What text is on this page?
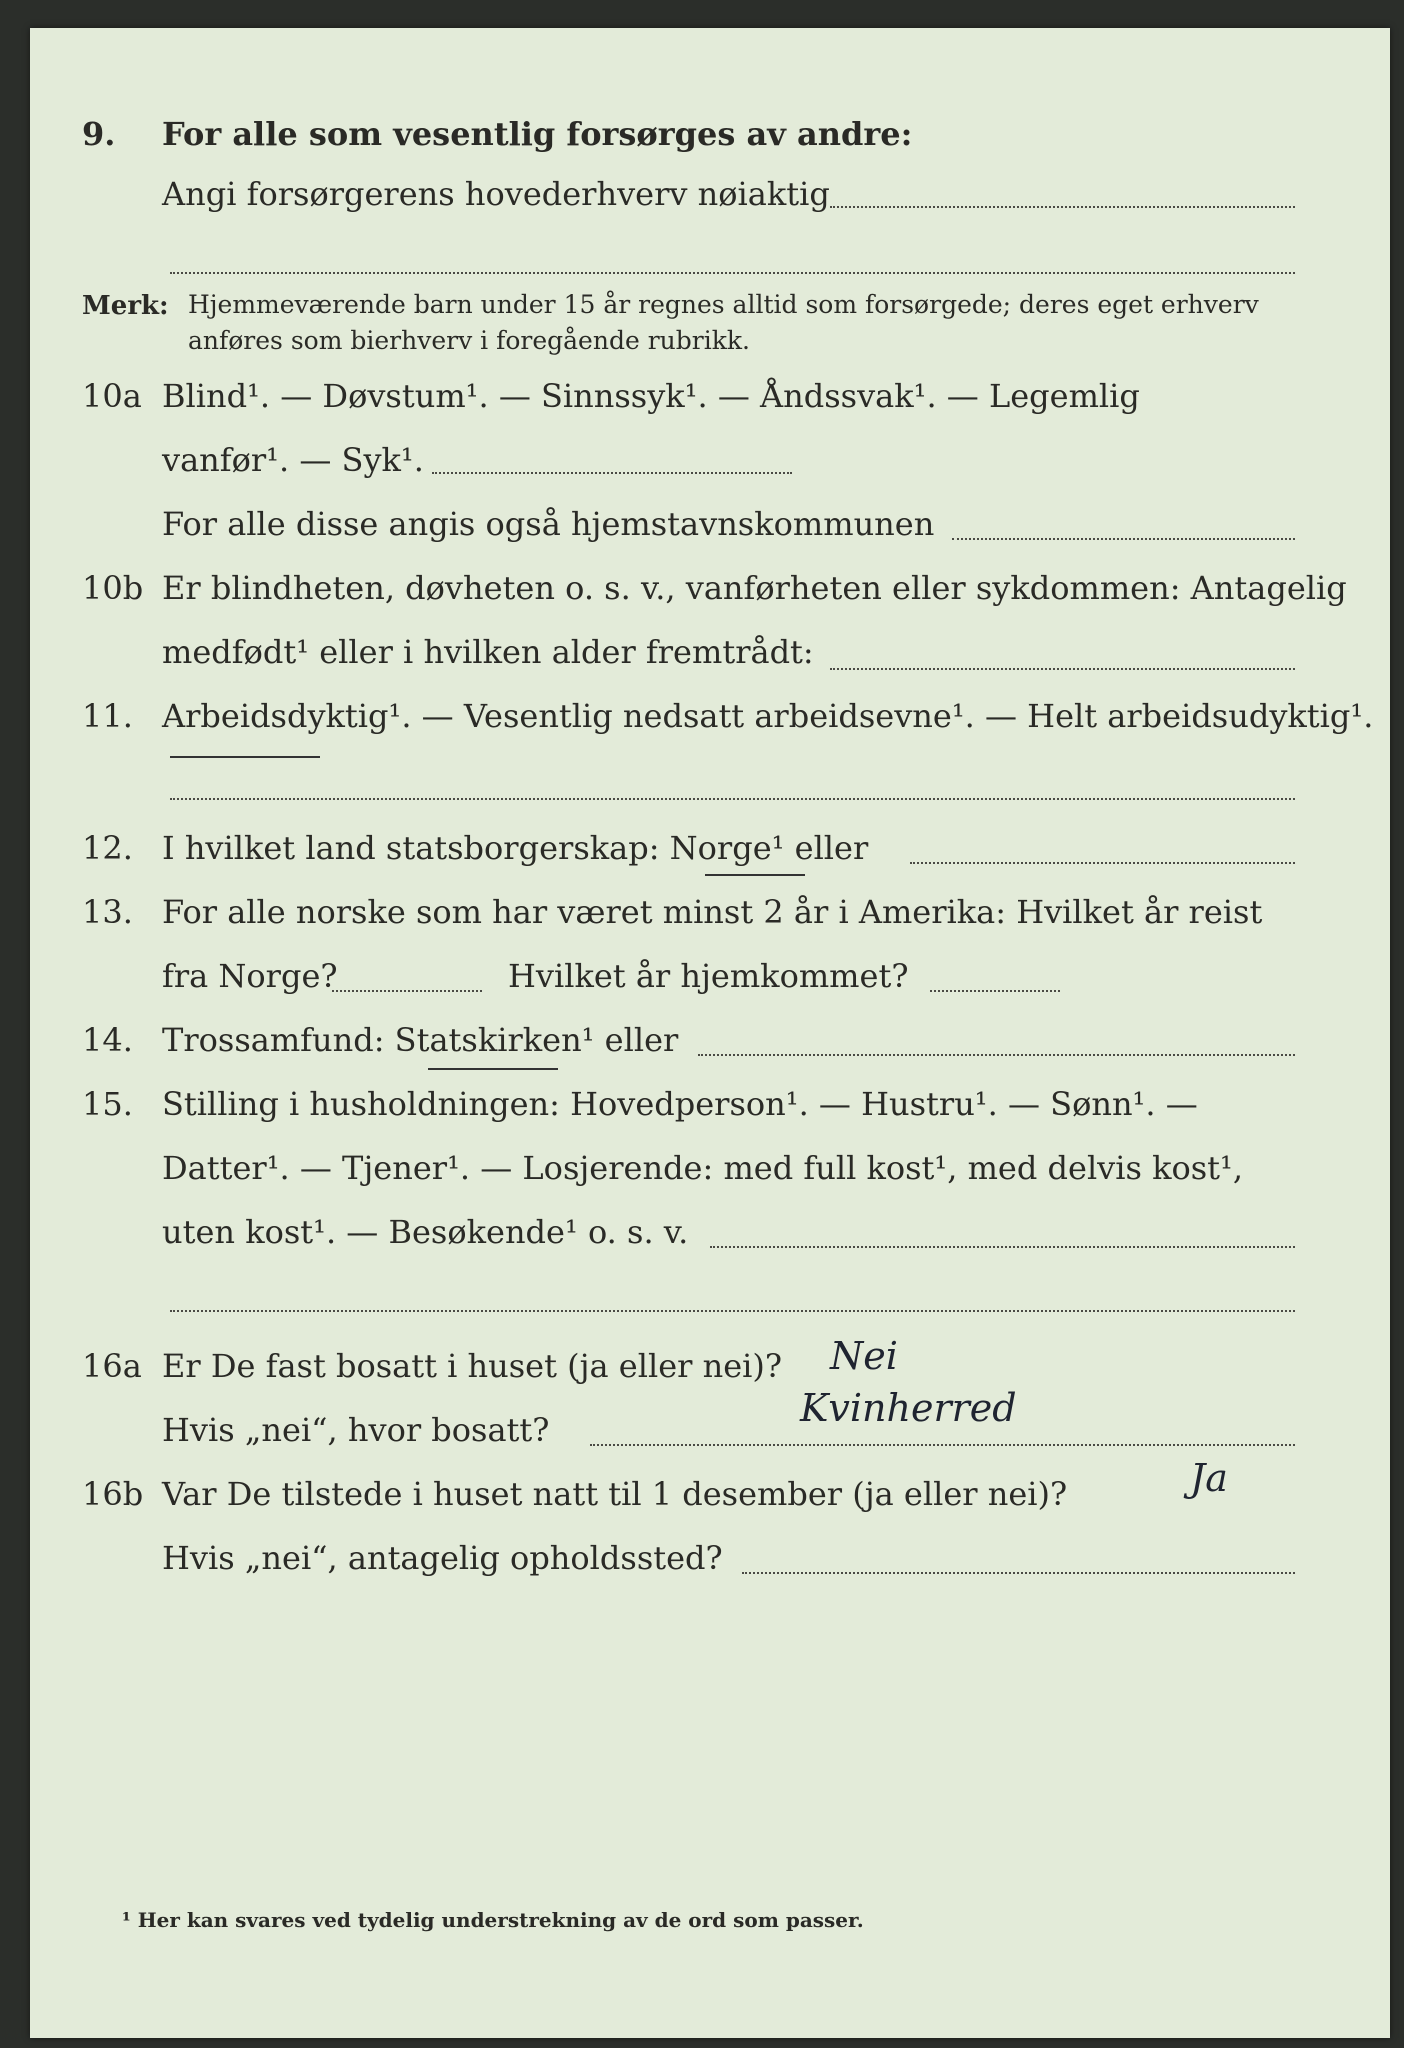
9. For alle som vesentlig forsørges av andre:
Angi forsørgerens hovederhverv nøiaktig
Merk: Hjemmeværende barn under 15 år regnes alltid som forsørgede; deres eget erhverv
anføres som bierhverv i foregående rubrikk.
10a Blind¹. — Døvstum¹. — Sinnssyk¹. — Åndssvak¹. — Legemlig
vanfør¹. — Syk¹.
For alle disse angis også hjemstavnskommunen
10b Er blindheten, døvheten o. s. v., vanførheten eller sykdommen: Antagelig
medfødt¹ eller i hvilken alder fremtrådt:
11. Arbeidsdyktig¹. — Vesentlig nedsatt arbeidsevne¹. — Helt arbeidsudyktig¹.
12. I hvilket land statsborgerskap: Norge¹ eller
13. For alle norske som har været minst 2 år i Amerika: Hvilket år reist
fra Norge?	Hvilket år hjemkommet?
14. Trossamfund: Statskirken¹ eller
15. Stilling i husholdningen: Hovedperson¹. — Hustru¹. — Sønn¹. —
Datter¹. — Tjener¹. — Losjerende: med full kost¹, med delvis kost¹,
uten kost¹. — Besøkende¹ o. s. v.
16a Er De fast bosatt i huset (ja eller nei)? Nei
Hvis „nei“, hvor bosatt?	Kvinherred
16b Var De tilstede i huset natt til 1 desember (ja eller nei)?	Ja
Hvis „nei“, antagelig opholdssted?
¹ Her kan svares ved tydelig understrekning av de ord som passer.
